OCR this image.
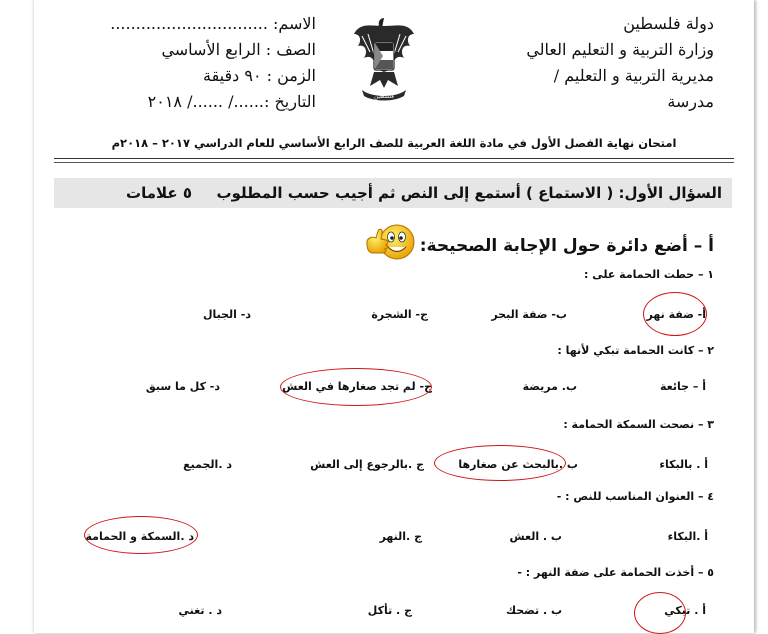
دولة فلسطين
وزارة التربية و التعليم العالي
مديرية التربية و التعليم /
مدرسة
الاسم: ...............................
الصف : الرابع الأساسي
الزمن : ٩٠ دقيقة
التاريخ :....../ ....../ ٢٠١٨	فلسطين
امتحان نهاية الفصل الأول في مادة اللغة العربية للصف الرابع الأساسي للعام الدراسي ٢٠١٧ – ٢٠١٨م
السؤال الأول: ( الاستماع ) أستمع إلى النص ثم أجيب حسب المطلوب
٥ علامات
أ – أضع دائرة حول الإجابة الصحيحة:
١ – حطت الحمامة على :
أ- ضفة نهر
ب- ضفة البحر
ج- الشجرة
د- الجبال
٢ – كانت الحمامة تبكي لأنها :
أ – جائعة
ب. مريضة
ج- لم تجد صغارها في العش
د- كل ما سبق
٣ – نصحت السمكة الحمامة :
أ . بالبكاء
ب .بالبحث عن صغارها
ج .بالرجوع إلى العش
د .الجميع
٤ – العنوان المناسب للنص : -
أ .البكاء
ب . العش
ج .النهر
د .السمكة و الحمامة
٥ – أخذت الحمامة على ضفة النهر : -
أ . تبكي
ب . تضحك
ج . تأكل
د . تغني
